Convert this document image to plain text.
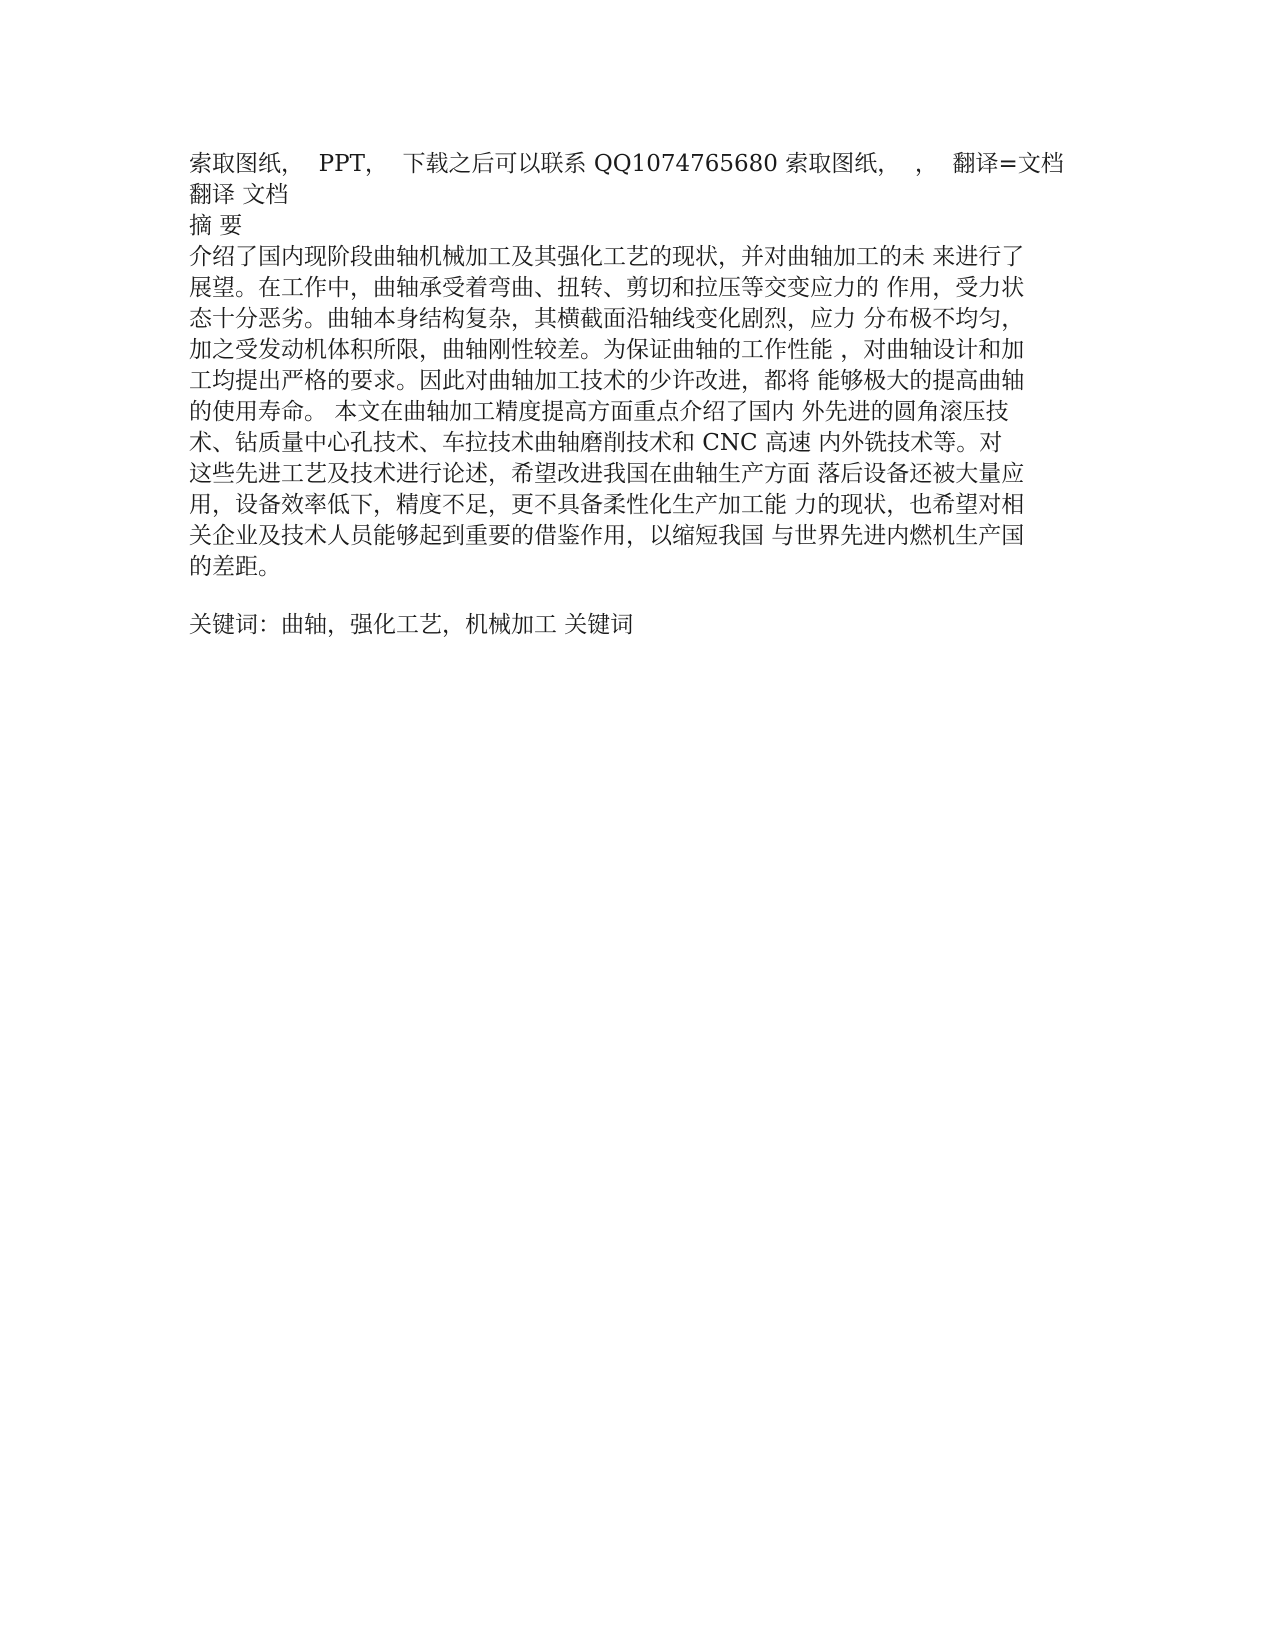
索取图纸，  PPT，  下载之后可以联系 QQ1074765680 索取图纸，  ，  翻译=文档
翻译 文档
摘 要
介绍了国内现阶段曲轴机械加工及其强化工艺的现状，并对曲轴加工的未 来进行了
展望。在工作中，曲轴承受着弯曲、扭转、剪切和拉压等交变应力的 作用，受力状
态十分恶劣。曲轴本身结构复杂，其横截面沿轴线变化剧烈，应力 分布极不均匀，
加之受发动机体积所限，曲轴刚性较差。为保证曲轴的工作性能 ，对曲轴设计和加
工均提出严格的要求。因此对曲轴加工技术的少许改进，都将 能够极大的提高曲轴
的使用寿命。 本文在曲轴加工精度提高方面重点介绍了国内 外先进的圆角滚压技
术、钻质量中心孔技术、车拉技术曲轴磨削技术和 CNC 高速 内外铣技术等。对
这些先进工艺及技术进行论述，希望改进我国在曲轴生产方面 落后设备还被大量应
用，设备效率低下，精度不足，更不具备柔性化生产加工能 力的现状，也希望对相
关企业及技术人员能够起到重要的借鉴作用，以缩短我国 与世界先进内燃机生产国
的差距。
关键词：曲轴，强化工艺，机械加工 关键词
